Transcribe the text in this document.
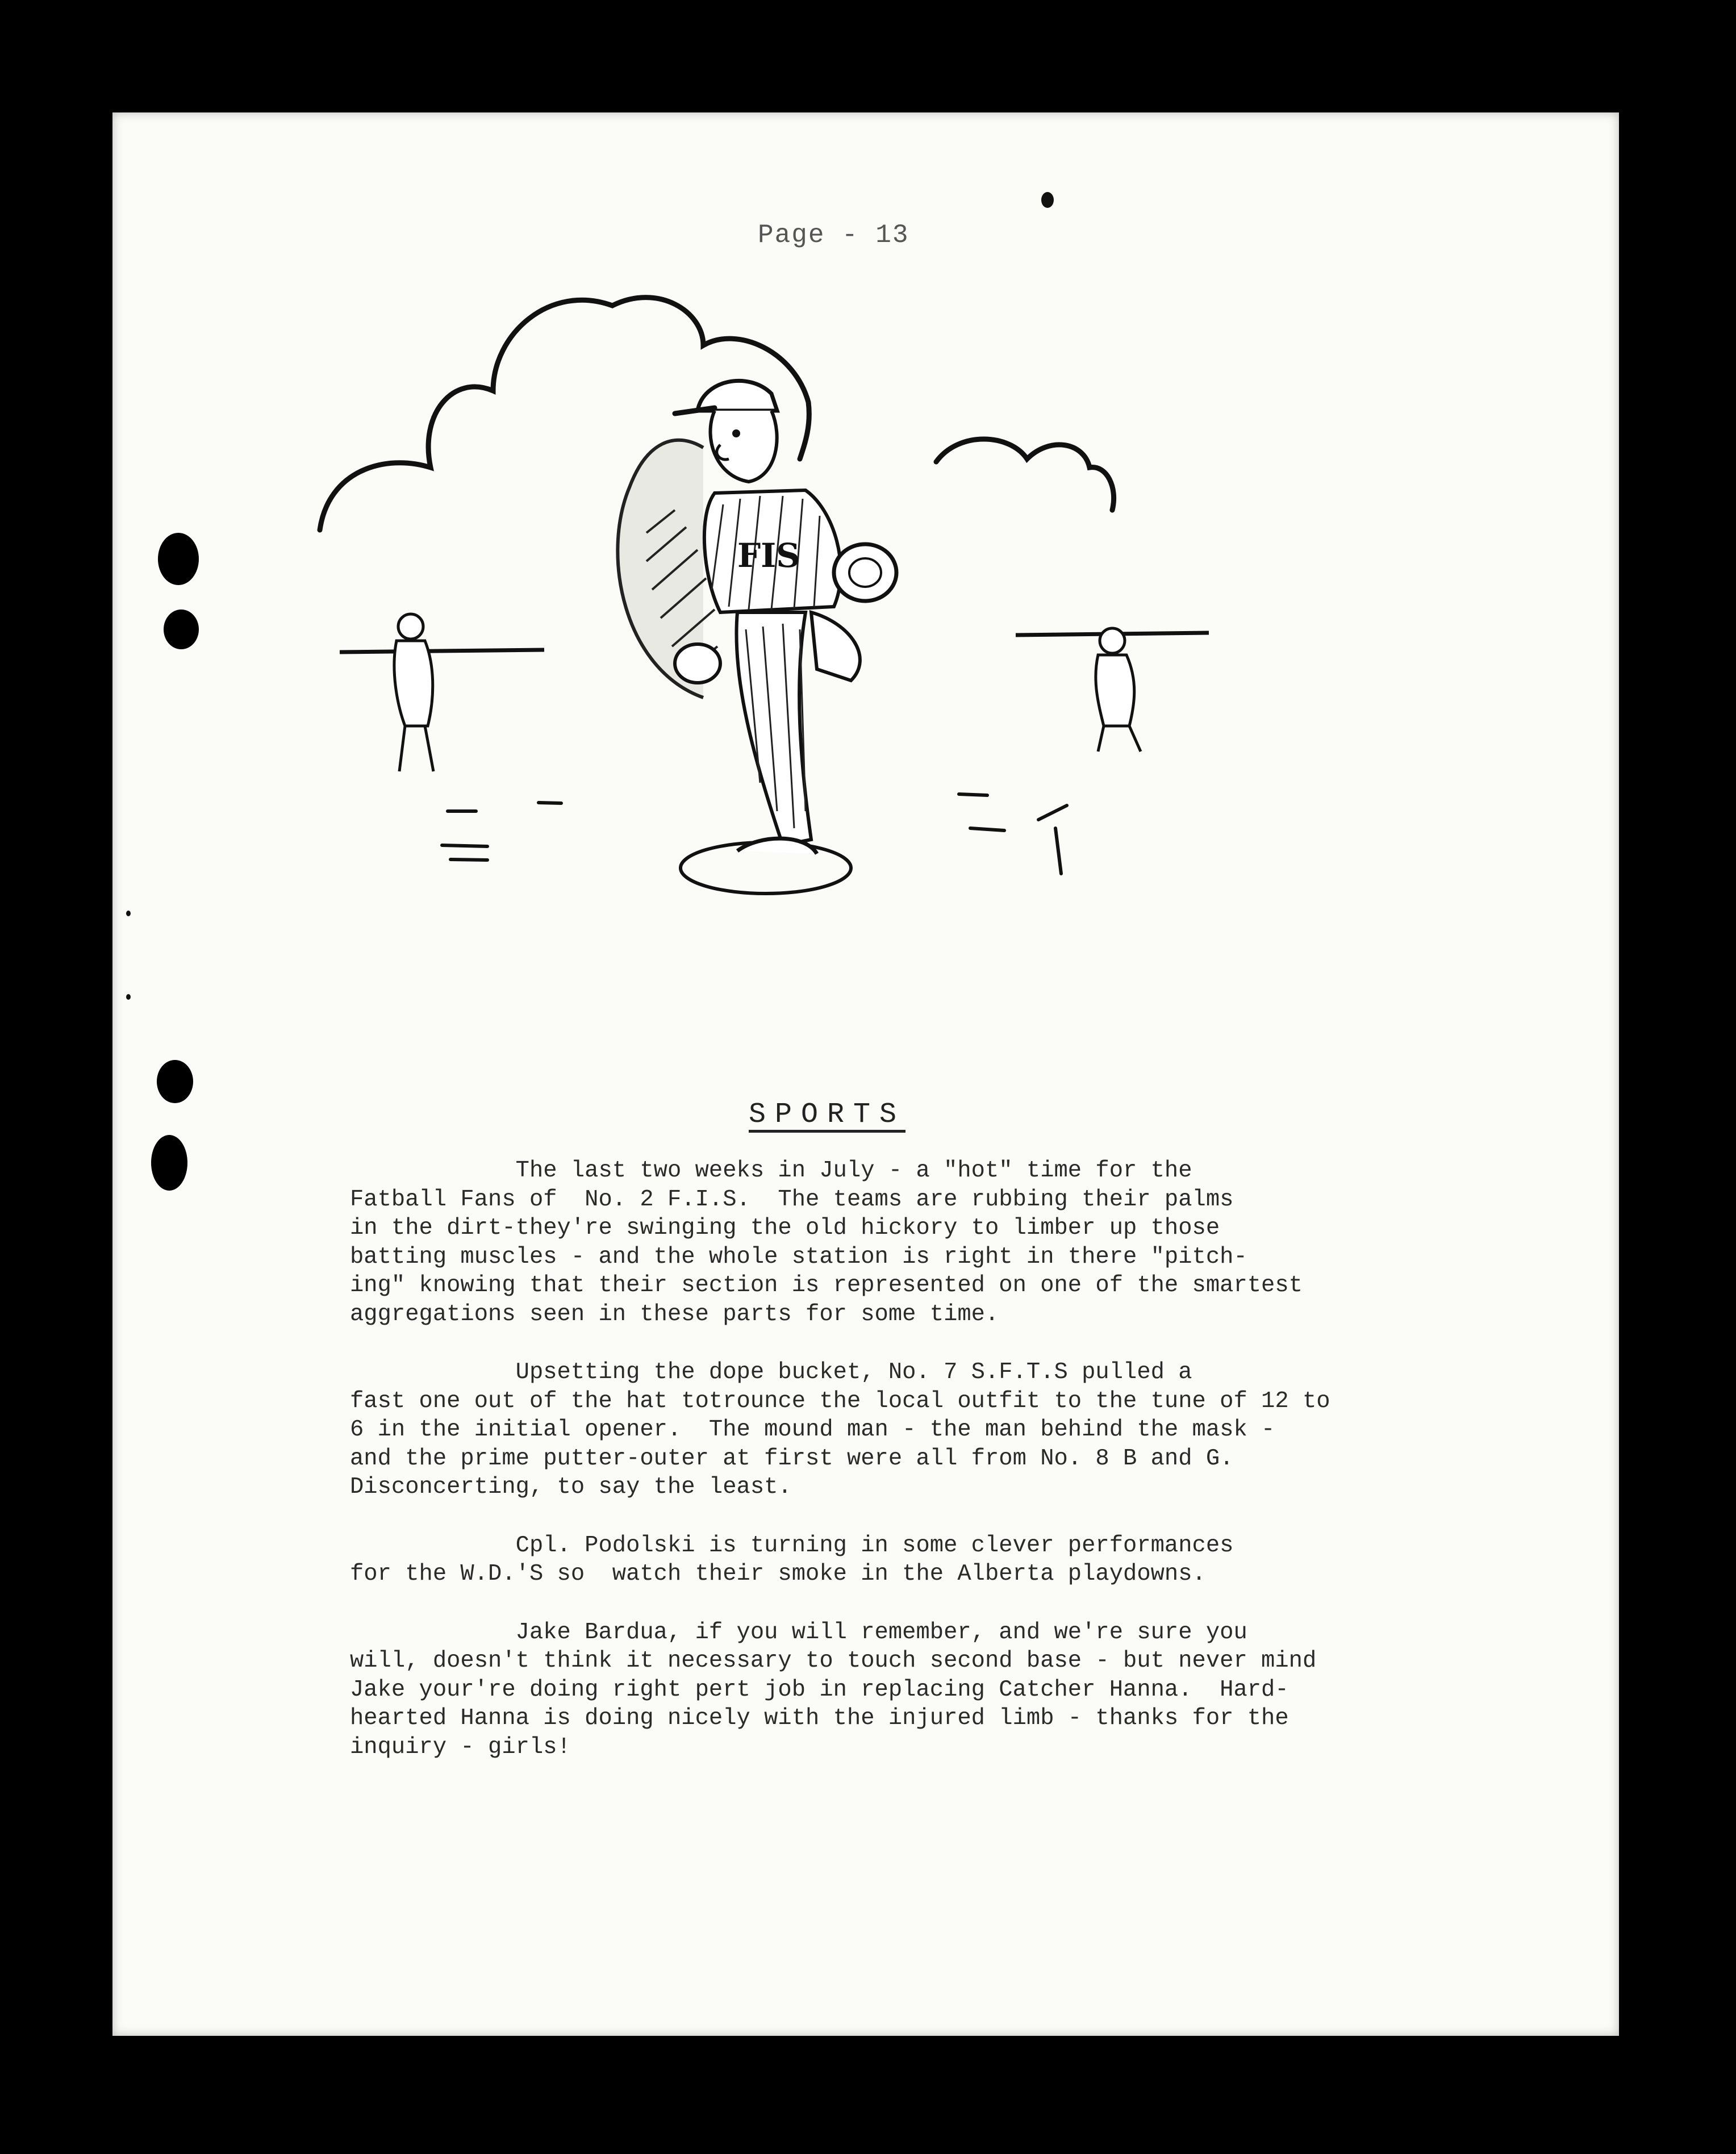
Page - 13
FIS
SPORTS
The last two weeks in July - a "hot" time for the
Fatball Fans of  No. 2 F.I.S.  The teams are rubbing their palms
in the dirt-they're swinging the old hickory to limber up those
batting muscles - and the whole station is right in there "pitch-
ing" knowing that their section is represented on one of the smartest
aggregations seen in these parts for some time.
Upsetting the dope bucket, No. 7 S.F.T.S pulled a
fast one out of the hat totrounce the local outfit to the tune of 12 to
6 in the initial opener.  The mound man - the man behind the mask -
and the prime putter-outer at first were all from No. 8 B and G.
Disconcerting, to say the least.
Cpl. Podolski is turning in some clever performances
for the W.D.'S so  watch their smoke in the Alberta playdowns.
Jake Bardua, if you will remember, and we're sure you
will, doesn't think it necessary to touch second base - but never mind
Jake your're doing right pert job in replacing Catcher Hanna.  Hard-
hearted Hanna is doing nicely with the injured limb - thanks for the
inquiry - girls!
